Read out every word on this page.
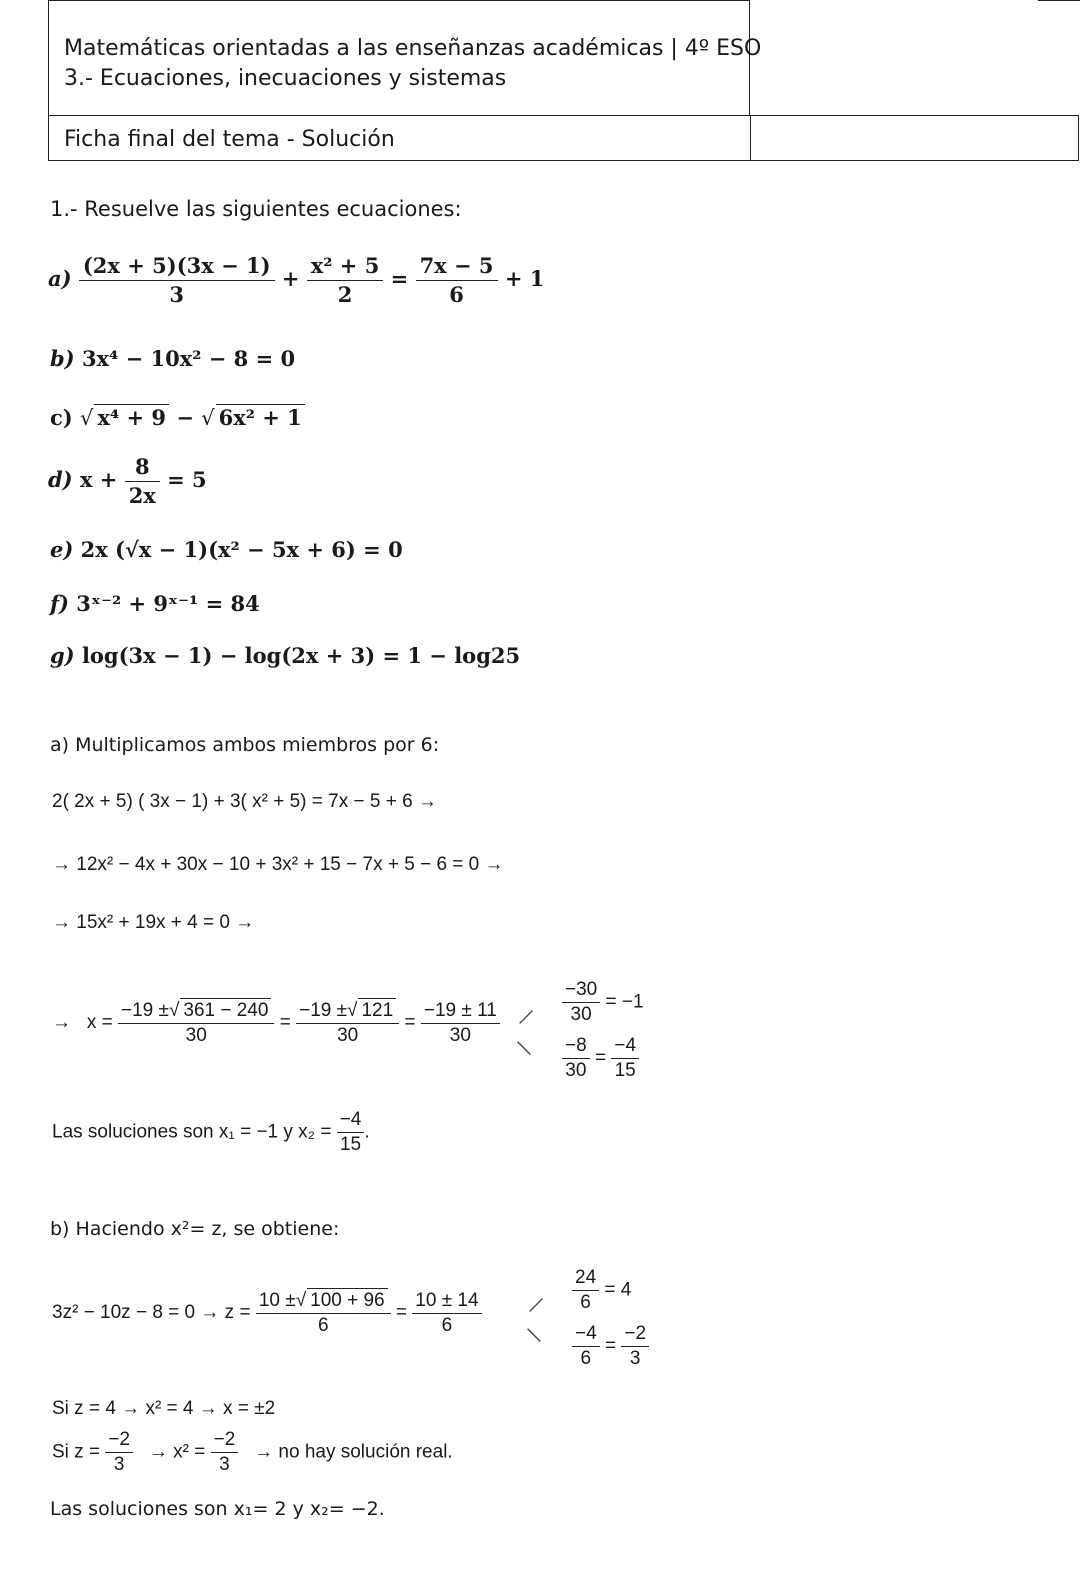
Matemáticas orientadas a las enseñanzas académicas | 4º ESO
3.- Ecuaciones, inecuaciones y sistemas
Ficha final del tema - Solución
1.- Resuelve las siguientes ecuaciones:
$a) \frac{(2x + 5)(3x - 1)}{3} + \frac{\text{x² + 5}}{2} = \frac{7x - 5}{6} + 1$
b) 3x⁴ − 10x² − 8 = 0
c) √ x⁴ + 9 − √ 6x² + 1
d) $x + \frac{8}{2x} = 5$
e) 2x (√x − 1)(x² − 5x + 6) = 0
f) 3ˣ⁻² + 9ˣ⁻¹ = 84
g) log(3x − 1) − log(2x + 3) = 1 − log25
a) Multiplicamos ambos miembros por 6:
2( 2x + 5) ( 3x − 1) + 3( x² + 5) = 7x − 5 + 6 →
→ 12x² − 4x + 30x − 10 + 3x² + 15 − 7x + 5 − 6 = 0 →
→ 15x² + 19x + 4 = 0 →
→ $x = \frac{-19 \pm√ 361 - 240}{30} = \frac{-19 \pm√ 121}{30} = \frac{-19 \pm 11}{30}$ —
—
$\frac{-30}{30} = -1$
$\frac{-8}{30} = \frac{-4}{15}$
Las soluciones son x₁ = −1 y $x_2 = \frac{-4}{15}$ .
b) Haciendo x²= z, se obtiene:
$3z^2 - 10z - 8 = 0 \to z = \frac{10 \pm√ 100 + 96}{6} = \frac{10 \pm 14}{6}$ —
—
$\frac{24}{6} = 4$
$\frac{-4}{6} = \frac{-2}{3}$
Si z = 4 → x² = 4 → x = ±2
Si $z = \frac{-2}{3} \to x^2 = \frac{-2}{3}$ → no hay solución real.
Las soluciones son x₁= 2 y x₂= −2.
